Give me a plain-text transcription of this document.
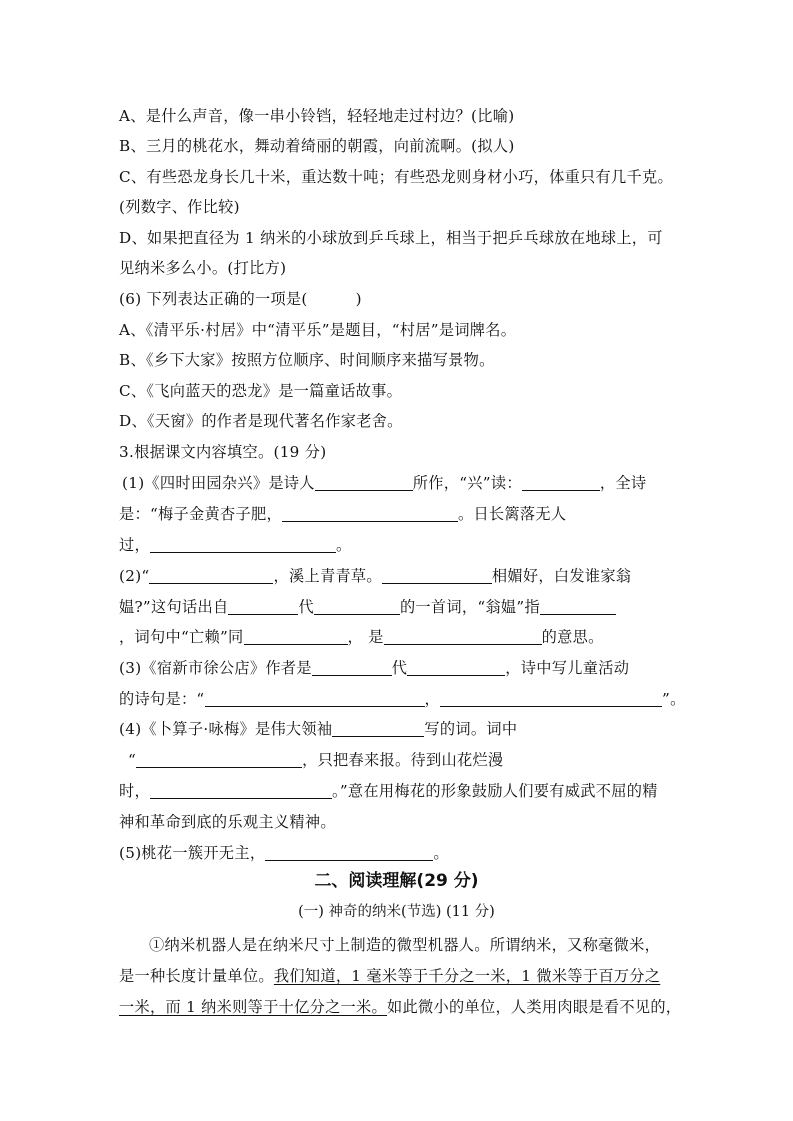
A、是什么声音，像一串小铃铛，轻轻地走过村边？(比喻)
B、三月的桃花水，舞动着绮丽的朝霞，向前流啊。(拟人)
C、有些恐龙身长几十米，重达数十吨；有些恐龙则身材小巧，体重只有几千克。
(列数字、作比较)
D、如果把直径为 1 纳米的小球放到乒乓球上，相当于把乒乓球放在地球上，可
见纳米多么小。(打比方)
(6) 下列表达正确的一项是(	)
A、《清平乐·村居》中“清平乐”是题目，“村居”是词牌名。
B、《乡下大家》按照方位顺序、时间顺序来描写景物。
C、《飞向蓝天的恐龙》是一篇童话故事。
D、《天窗》的作者是现代著名作家老舍。
3.根据课文内容填空。(19 分)
(1)《四时田园杂兴》是诗人	所作，“兴”读：	，全诗
是：“梅子金黄杏子肥，	。日长篱落无人
过，	。
(2)“	，溪上青青草。	相媚好，白发谁家翁
媪?”这句话出自	代	的一首词，“翁媪”指
，词句中“亡赖”同	， 是	的意思。
(3)《宿新市徐公店》作者是	代	，诗中写儿童活动
的诗句是：“	，	”。
(4)《卜算子·咏梅》是伟大领袖	写的词。词中
“	，只把春来报。待到山花烂漫
时，	。”意在用梅花的形象鼓励人们要有威武不屈的精
神和革命到底的乐观主义精神。
(5)桃花一簇开无主，	。
二、阅读理解(29 分)
(一) 神奇的纳米(节选) (11 分)
①纳米机器人是在纳米尺寸上制造的微型机器人。所谓纳米，又称毫微米，
是一种长度计量单位。我们知道，1 毫米等于千分之一米，1 微米等于百万分之
一米，而 1 纳米则等于十亿分之一米。如此微小的单位，人类用肉眼是看不见的，
